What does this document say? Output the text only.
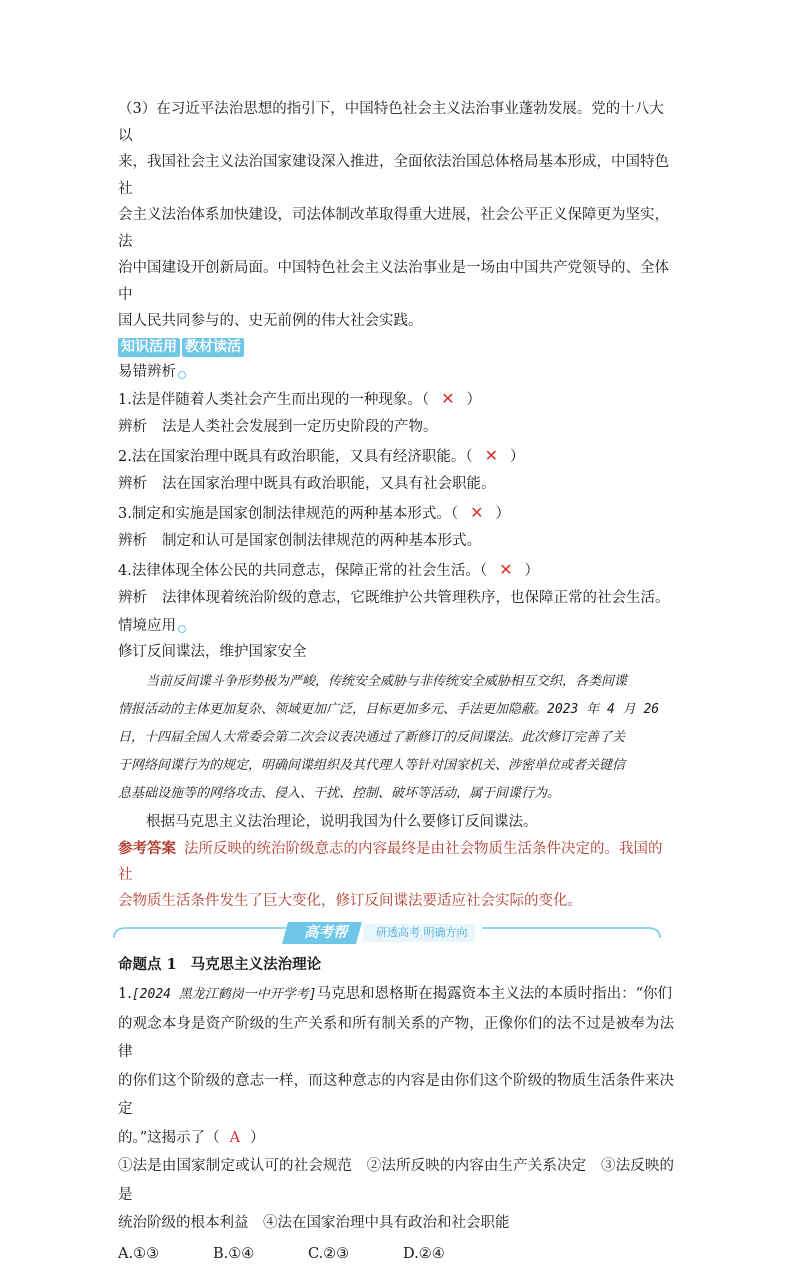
（3）在习近平法治思想的指引下，中国特色社会主义法治事业蓬勃发展。党的十八大以

来，我国社会主义法治国家建设深入推进，全面依法治国总体格局基本形成，中国特色社

会主义法治体系加快建设，司法体制改革取得重大进展，社会公平正义保障更为坚实，法

治中国建设开创新局面。中国特色社会主义法治事业是一场由中国共产党领导的、全体中

国人民共同参与的、史无前例的伟大社会实践。

知识活用 教材读活

易错辨析

1.法是伴随着人类社会产生而出现的一种现象。（ ✕ ）

辨析 法是人类社会发展到一定历史阶段的产物。

2.法在国家治理中既具有政治职能，又具有经济职能。（ ✕ ）

辨析 法在国家治理中既具有政治职能，又具有社会职能。

3.制定和实施是国家创制法律规范的两种基本形式。（ ✕ ）

辨析 制定和认可是国家创制法律规范的两种基本形式。

4.法律体现全体公民的共同意志，保障正常的社会生活。（ ✕ ）

辨析 法律体现着统治阶级的意志，它既维护公共管理秩序，也保障正常的社会生活。

情境应用

修订反间谍法，维护国家安全

当前反间谍斗争形势极为严峻，传统安全威胁与非传统安全威胁相互交织，各类间谍

情报活动的主体更加复杂、领域更加广泛，目标更加多元、手法更加隐蔽。2023 年 4 月 26

日，十四届全国人大常委会第二次会议表决通过了新修订的反间谍法。此次修订完善了关

于网络间谍行为的规定，明确间谍组织及其代理人等针对国家机关、涉密单位或者关键信

息基础设施等的网络攻击、侵入、干扰、控制、破坏等活动，属于间谍行为。

根据马克思主义法治理论，说明我国为什么要修订反间谍法。

参考答案 法所反映的统治阶级意志的内容最终是由社会物质生活条件决定的。我国的社

会物质生活条件发生了巨大变化，修订反间谍法要适应社会实际的变化。

高考帮	研透高考 明确方向

命题点 1 马克思主义法治理论

1.[2024 黑龙江鹤岗一中开学考]马克思和恩格斯在揭露资本主义法的本质时指出：“你们

的观念本身是资产阶级的生产关系和所有制关系的产物，正像你们的法不过是被奉为法律

的你们这个阶级的意志一样，而这种意志的内容是由你们这个阶级的物质生活条件来决定

的。”这揭示了（ A ）

①法是由国家制定或认可的社会规范　②法所反映的内容由生产关系决定　③法反映的是

统治阶级的根本利益　④法在国家治理中具有政治和社会职能

A.①③	B.①④	C.②③	D.②④
